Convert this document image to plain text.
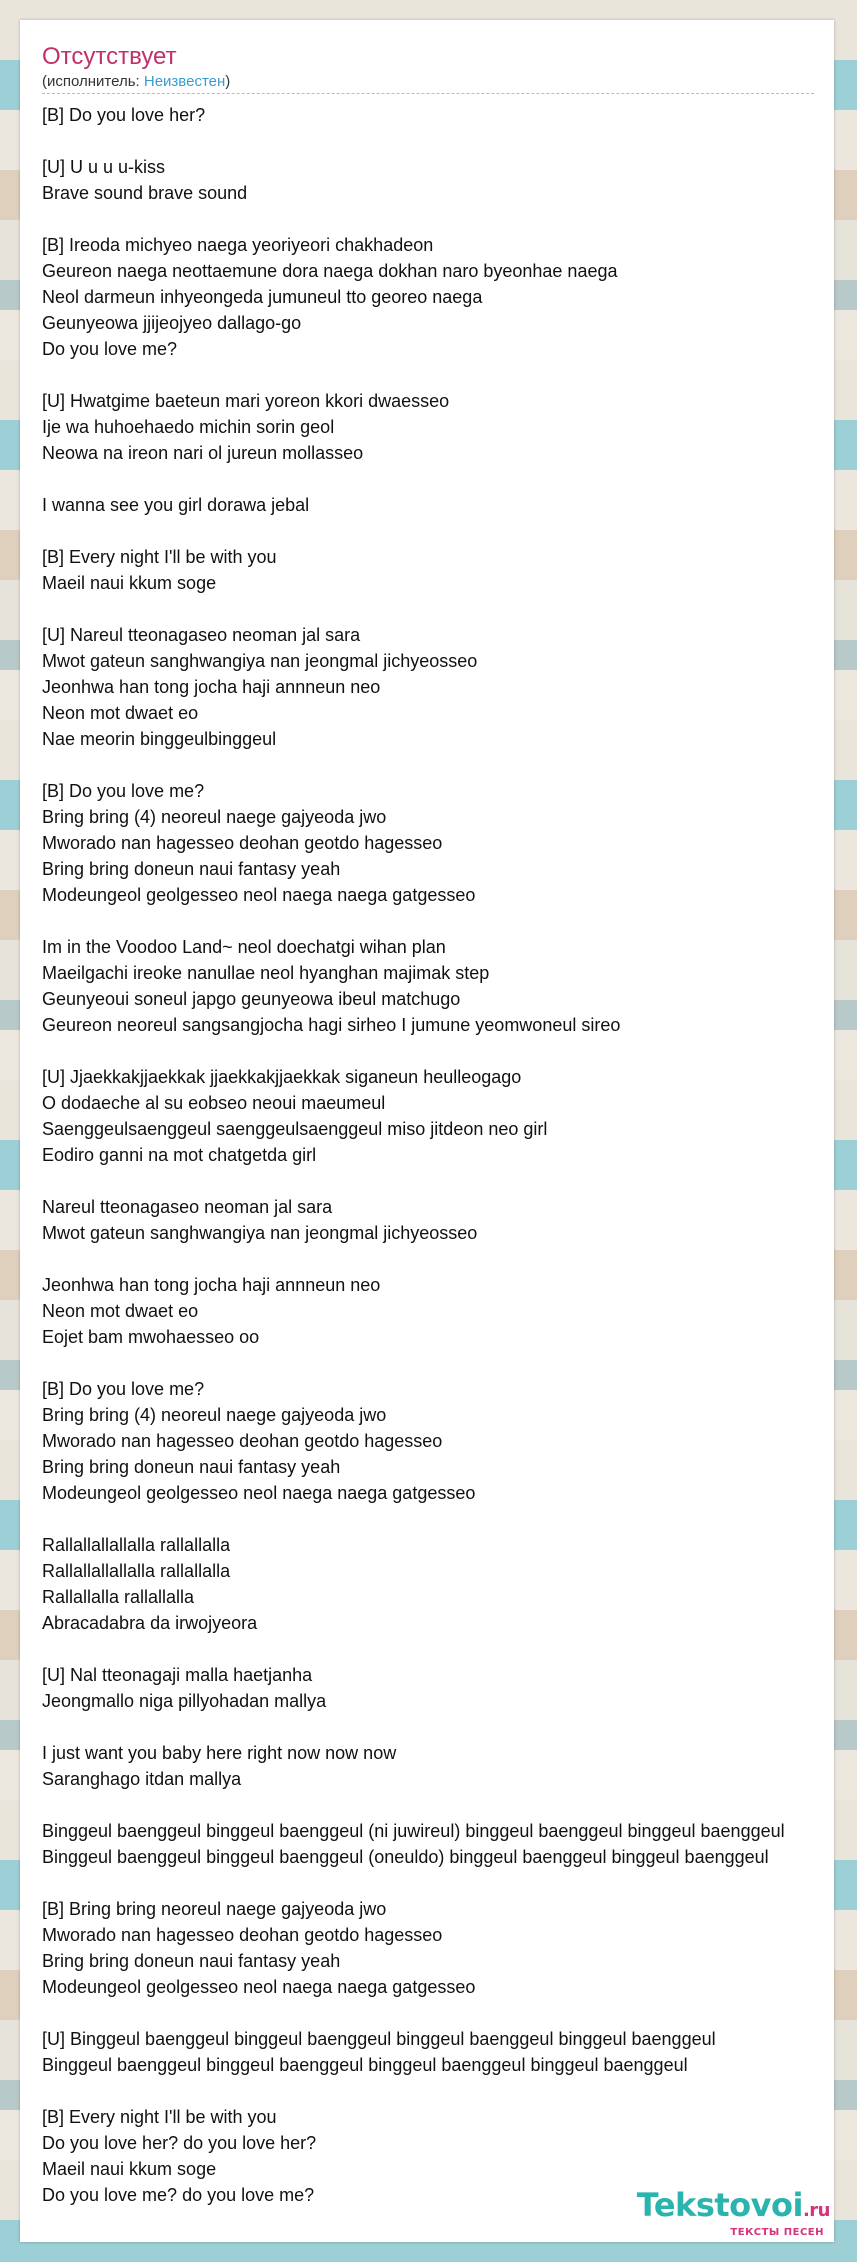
Отсутствует
(исполнитель: Неизвестен)
[B] Do you love her?

[U] U u u u-kiss
Brave sound brave sound

[B] Ireoda michyeo naega yeoriyeori chakhadeon
Geureon naega neottaemune dora naega dokhan naro byeonhae naega
Neol darmeun inhyeongeda jumuneul tto georeo naega
Geunyeowa jjijeojyeo dallago-go
Do you love me?

[U] Hwatgime baeteun mari yoreon kkori dwaesseo
Ije wa huhoehaedo michin sorin geol
Neowa na ireon nari ol jureun mollasseo

I wanna see you girl dorawa jebal

[B] Every night I'll be with you
Maeil naui kkum soge

[U] Nareul tteonagaseo neoman jal sara
Mwot gateun sanghwangiya nan jeongmal jichyeosseo
Jeonhwa han tong jocha haji annneun neo
Neon mot dwaet eo
Nae meorin binggeulbinggeul

[B] Do you love me?
Bring bring (4) neoreul naege gajyeoda jwo
Mworado nan hagesseo deohan geotdo hagesseo
Bring bring doneun naui fantasy yeah
Modeungeol geolgesseo neol naega naega gatgesseo

Im in the Voodoo Land~ neol doechatgi wihan plan
Maeilgachi ireoke nanullae neol hyanghan majimak step
Geunyeoui soneul japgo geunyeowa ibeul matchugo
Geureon neoreul sangsangjocha hagi sirheo I jumune yeomwoneul sireo

[U] Jjaekkakjjaekkak jjaekkakjjaekkak siganeun heulleogago
O dodaeche al su eobseo neoui maeumeul
Saenggeulsaenggeul saenggeulsaenggeul miso jitdeon neo girl
Eodiro ganni na mot chatgetda girl

Nareul tteonagaseo neoman jal sara
Mwot gateun sanghwangiya nan jeongmal jichyeosseo

Jeonhwa han tong jocha haji annneun neo
Neon mot dwaet eo
Eojet bam mwohaesseo oo

[B] Do you love me?
Bring bring (4) neoreul naege gajyeoda jwo
Mworado nan hagesseo deohan geotdo hagesseo
Bring bring doneun naui fantasy yeah
Modeungeol geolgesseo neol naega naega gatgesseo

Rallallallallalla rallallalla
Rallallallallalla rallallalla
Rallallalla rallallalla
Abracadabra da irwojyeora

[U] Nal tteonagaji malla haetjanha
Jeongmallo niga pillyohadan mallya

I just want you baby here right now now now
Saranghago itdan mallya

Binggeul baenggeul binggeul baenggeul (ni juwireul) binggeul baenggeul binggeul baenggeul
Binggeul baenggeul binggeul baenggeul (oneuldo) binggeul baenggeul binggeul baenggeul

[B] Bring bring neoreul naege gajyeoda jwo
Mworado nan hagesseo deohan geotdo hagesseo
Bring bring doneun naui fantasy yeah
Modeungeol geolgesseo neol naega naega gatgesseo

[U] Binggeul baenggeul binggeul baenggeul binggeul baenggeul binggeul baenggeul
Binggeul baenggeul binggeul baenggeul binggeul baenggeul binggeul baenggeul

[B] Every night I'll be with you
Do you love her? do you love her?
Maeil naui kkum soge
Do you love me? do you love me?	Tekstovoi.ru
ТЕКСТЫ ПЕСЕН
